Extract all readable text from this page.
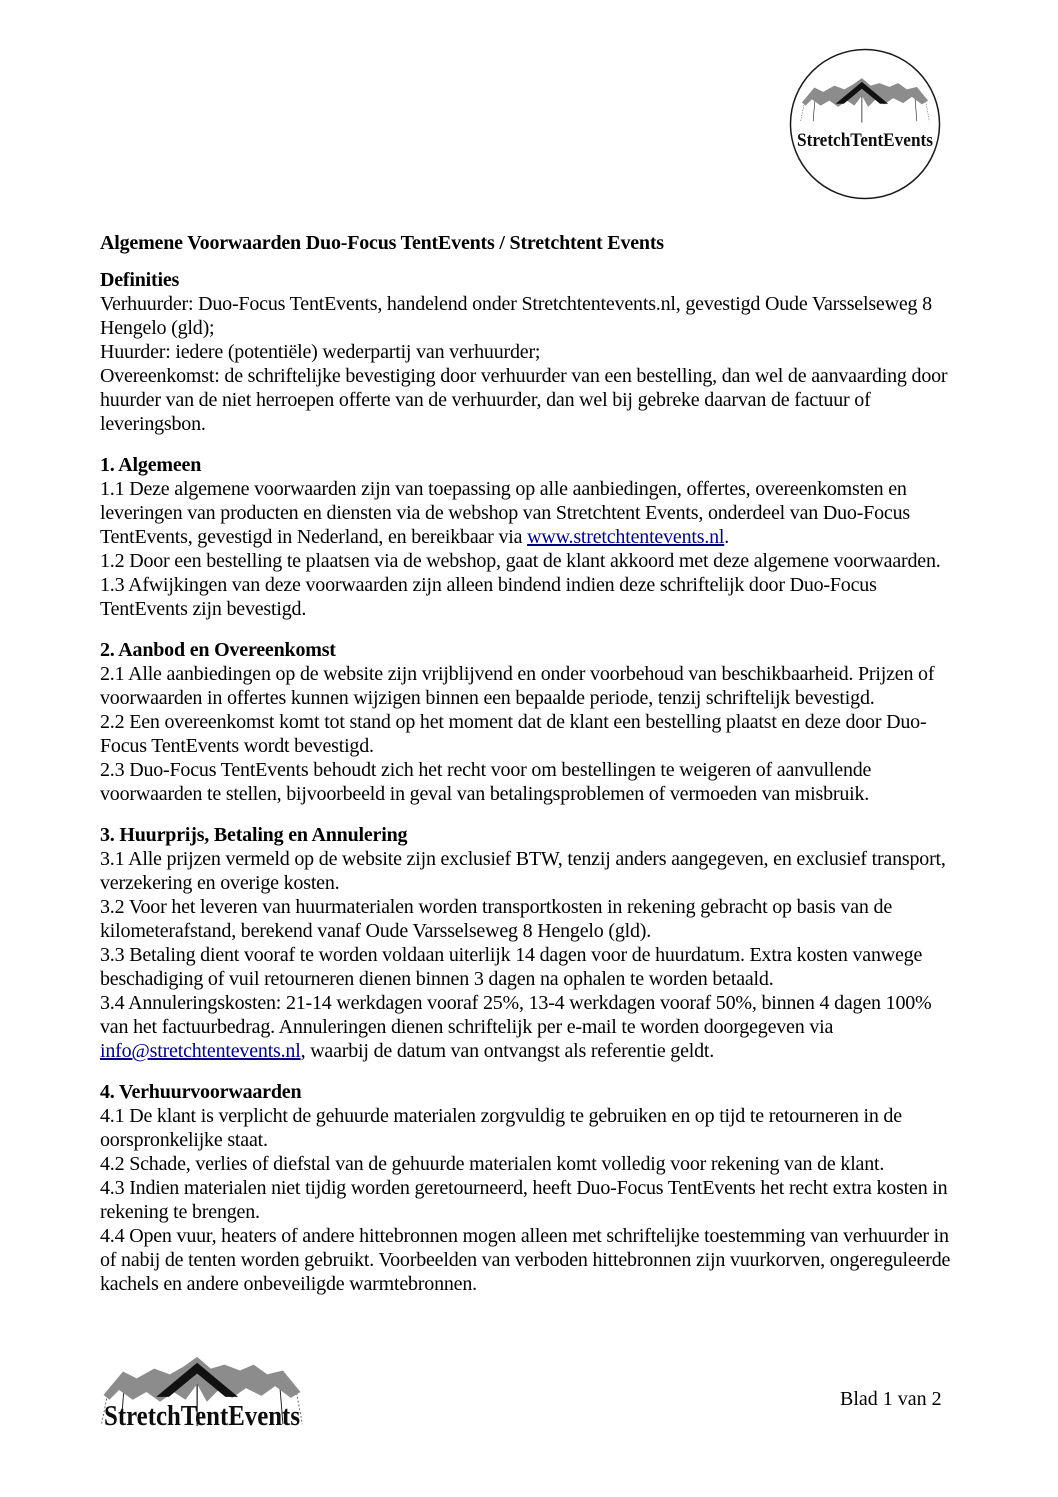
StretchTentEvents
Algemene Voorwaarden Duo-Focus TentEvents / Stretchtent Events
Definities

Verhuurder: Duo-Focus TentEvents, handelend onder Stretchtentevents.nl, gevestigd Oude Varsselseweg 8 Hengelo (gld);

Huurder: iedere (potentiële) wederpartij van verhuurder;

Overeenkomst: de schriftelijke bevestiging door verhuurder van een bestelling, dan wel de aanvaarding door huurder van de niet herroepen offerte van de verhuurder, dan wel bij gebreke daarvan de factuur of leveringsbon.

1. Algemeen

1.1 Deze algemene voorwaarden zijn van toepassing op alle aanbiedingen, offertes, overeenkomsten en leveringen van producten en diensten via de webshop van Stretchtent Events, onderdeel van Duo-Focus TentEvents, gevestigd in Nederland, en bereikbaar via www.stretchtentevents.nl.

1.2 Door een bestelling te plaatsen via de webshop, gaat de klant akkoord met deze algemene voorwaarden.

1.3 Afwijkingen van deze voorwaarden zijn alleen bindend indien deze schriftelijk door Duo-Focus TentEvents zijn bevestigd.

2. Aanbod en Overeenkomst

2.1 Alle aanbiedingen op de website zijn vrijblijvend en onder voorbehoud van beschikbaarheid. Prijzen of voorwaarden in offertes kunnen wijzigen binnen een bepaalde periode, tenzij schriftelijk bevestigd.

2.2 Een overeenkomst komt tot stand op het moment dat de klant een bestelling plaatst en deze door Duo-Focus TentEvents wordt bevestigd.

2.3 Duo-Focus TentEvents behoudt zich het recht voor om bestellingen te weigeren of aanvullende voorwaarden te stellen, bijvoorbeeld in geval van betalingsproblemen of vermoeden van misbruik.

3. Huurprijs, Betaling en Annulering

3.1 Alle prijzen vermeld op de website zijn exclusief BTW, tenzij anders aangegeven, en exclusief transport, verzekering en overige kosten.

3.2 Voor het leveren van huurmaterialen worden transportkosten in rekening gebracht op basis van de kilometerafstand, berekend vanaf Oude Varsselseweg 8 Hengelo (gld).

3.3 Betaling dient vooraf te worden voldaan uiterlijk 14 dagen voor de huurdatum. Extra kosten vanwege beschadiging of vuil retourneren dienen binnen 3 dagen na ophalen te worden betaald.

3.4 Annuleringskosten: 21-14 werkdagen vooraf 25%, 13-4 werkdagen vooraf 50%, binnen 4 dagen 100% van het factuurbedrag. Annuleringen dienen schriftelijk per e-mail te worden doorgegeven via info@stretchtentevents.nl, waarbij de datum van ontvangst als referentie geldt.

4. Verhuurvoorwaarden

4.1 De klant is verplicht de gehuurde materialen zorgvuldig te gebruiken en op tijd te retourneren in de oorspronkelijke staat.

4.2 Schade, verlies of diefstal van de gehuurde materialen komt volledig voor rekening van de klant.

4.3 Indien materialen niet tijdig worden geretourneerd, heeft Duo-Focus TentEvents het recht extra kosten in rekening te brengen.

4.4 Open vuur, heaters of andere hittebronnen mogen alleen met schriftelijke toestemming van verhuurder in of nabij de tenten worden gebruikt. Voorbeelden van verboden hittebronnen zijn vuurkorven, ongereguleerde kachels en andere onbeveiligde warmtebronnen.

StretchTentEvents
Blad 1 van 2
